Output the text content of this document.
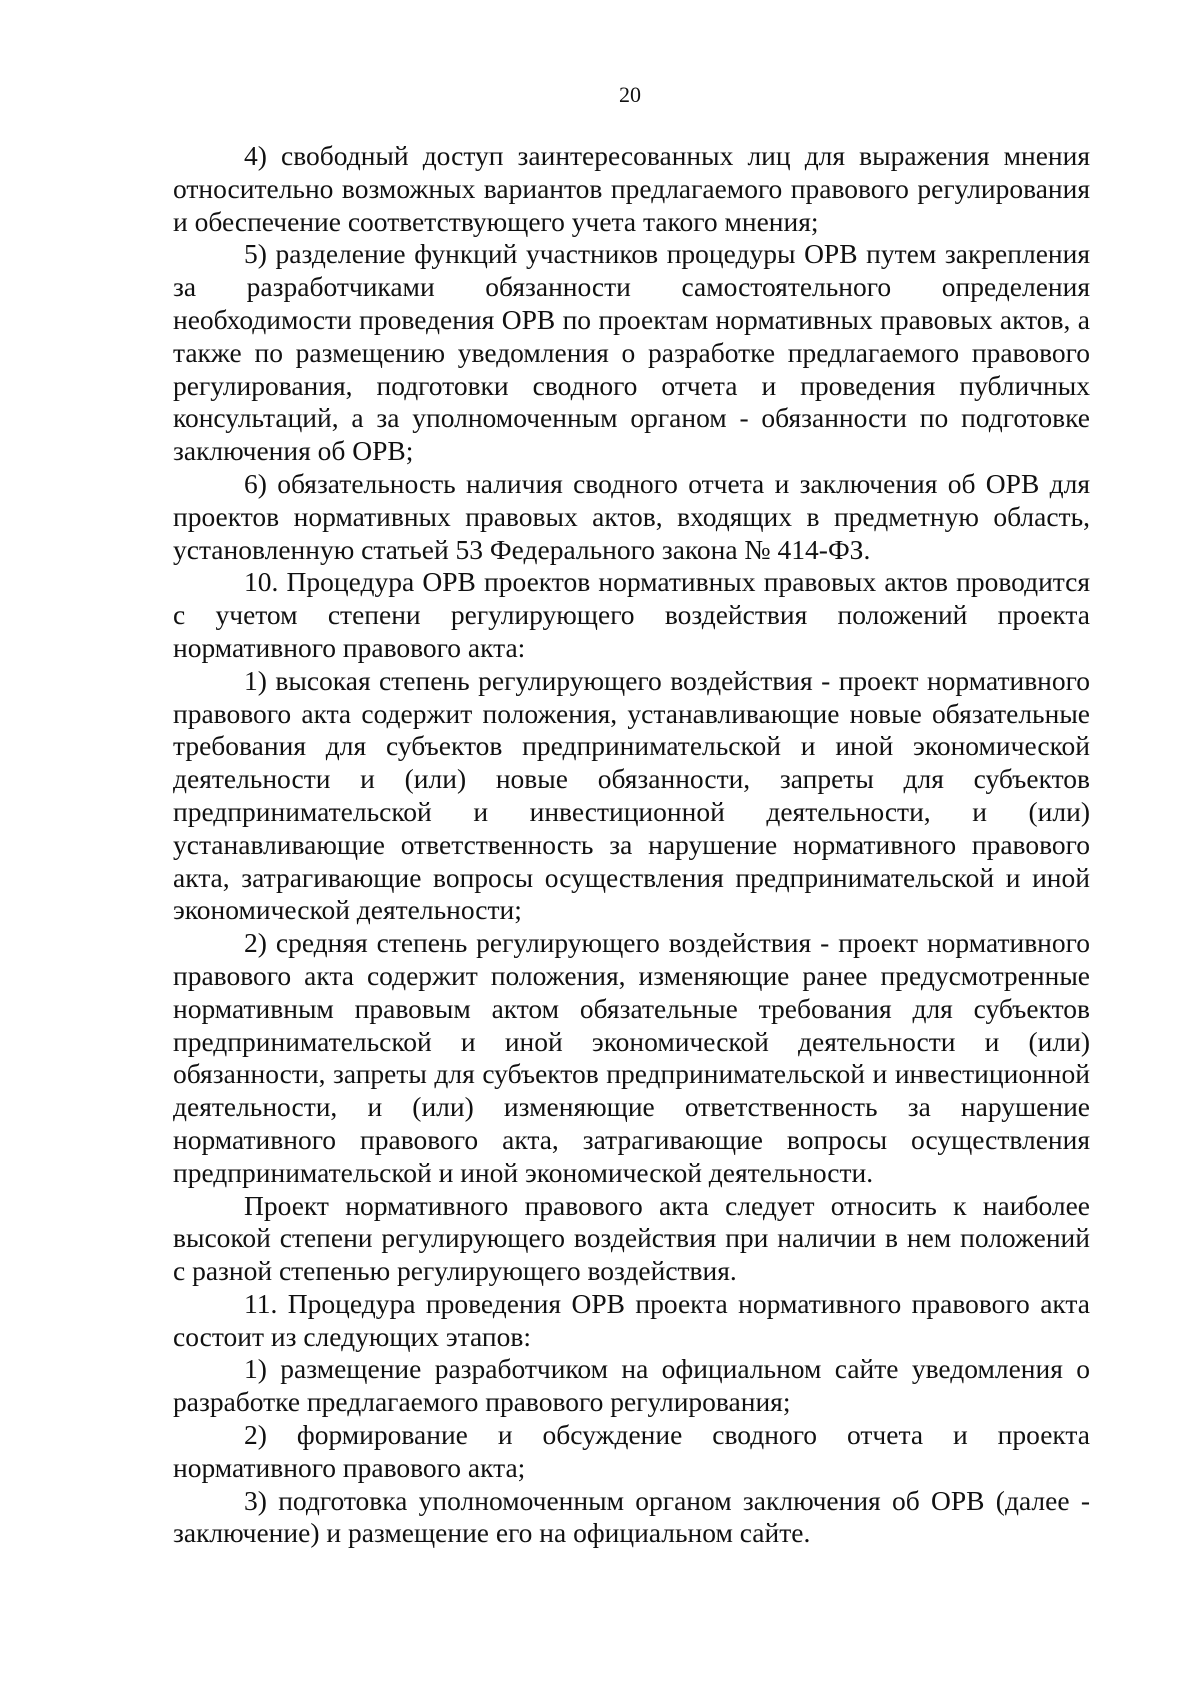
20

4) свободный доступ заинтересованных лиц для выражения мнения относительно возможных вариантов предлагаемого правового регулирования и обеспечение соответствующего учета такого мнения;

5) разделение функций участников процедуры ОРВ путем закрепления за разработчиками обязанности самостоятельного определения необходимости проведения ОРВ по проектам нормативных правовых актов, а также по размещению уведомления о разработке предлагаемого правового регулирования, подготовки сводного отчета и проведения публичных консультаций, а за уполномоченным органом - обязанности по подготовке заключения об ОРВ;

6) обязательность наличия сводного отчета и заключения об ОРВ для проектов нормативных правовых актов, входящих в предметную область, установленную статьей 53 Федерального закона № 414-ФЗ.

10. Процедура ОРВ проектов нормативных правовых актов проводится с учетом степени регулирующего воздействия положений проекта нормативного правового акта:

1) высокая степень регулирующего воздействия - проект нормативного правового акта содержит положения, устанавливающие новые обязательные требования для субъектов предпринимательской и иной экономической деятельности и (или) новые обязанности, запреты для субъектов предпринимательской и инвестиционной деятельности, и (или) устанавливающие ответственность за нарушение нормативного правового акта, затрагивающие вопросы осуществления предпринимательской и иной экономической деятельности;

2) средняя степень регулирующего воздействия - проект нормативного правового акта содержит положения, изменяющие ранее предусмотренные нормативным правовым актом обязательные требования для субъектов предпринимательской и иной экономической деятельности и (или) обязанности, запреты для субъектов предпринимательской и инвестиционной деятельности, и (или) изменяющие ответственность за нарушение нормативного правового акта, затрагивающие вопросы осуществления предпринимательской и иной экономической деятельности.

Проект нормативного правового акта следует относить к наиболее высокой степени регулирующего воздействия при наличии в нем положений с разной степенью регулирующего воздействия.

11. Процедура проведения ОРВ проекта нормативного правового акта состоит из следующих этапов:

1) размещение разработчиком на официальном сайте уведомления о разработке предлагаемого правового регулирования;

2) формирование и обсуждение сводного отчета и проекта нормативного правового акта;

3) подготовка уполномоченным органом заключения об ОРВ (далее - заключение) и размещение его на официальном сайте.
